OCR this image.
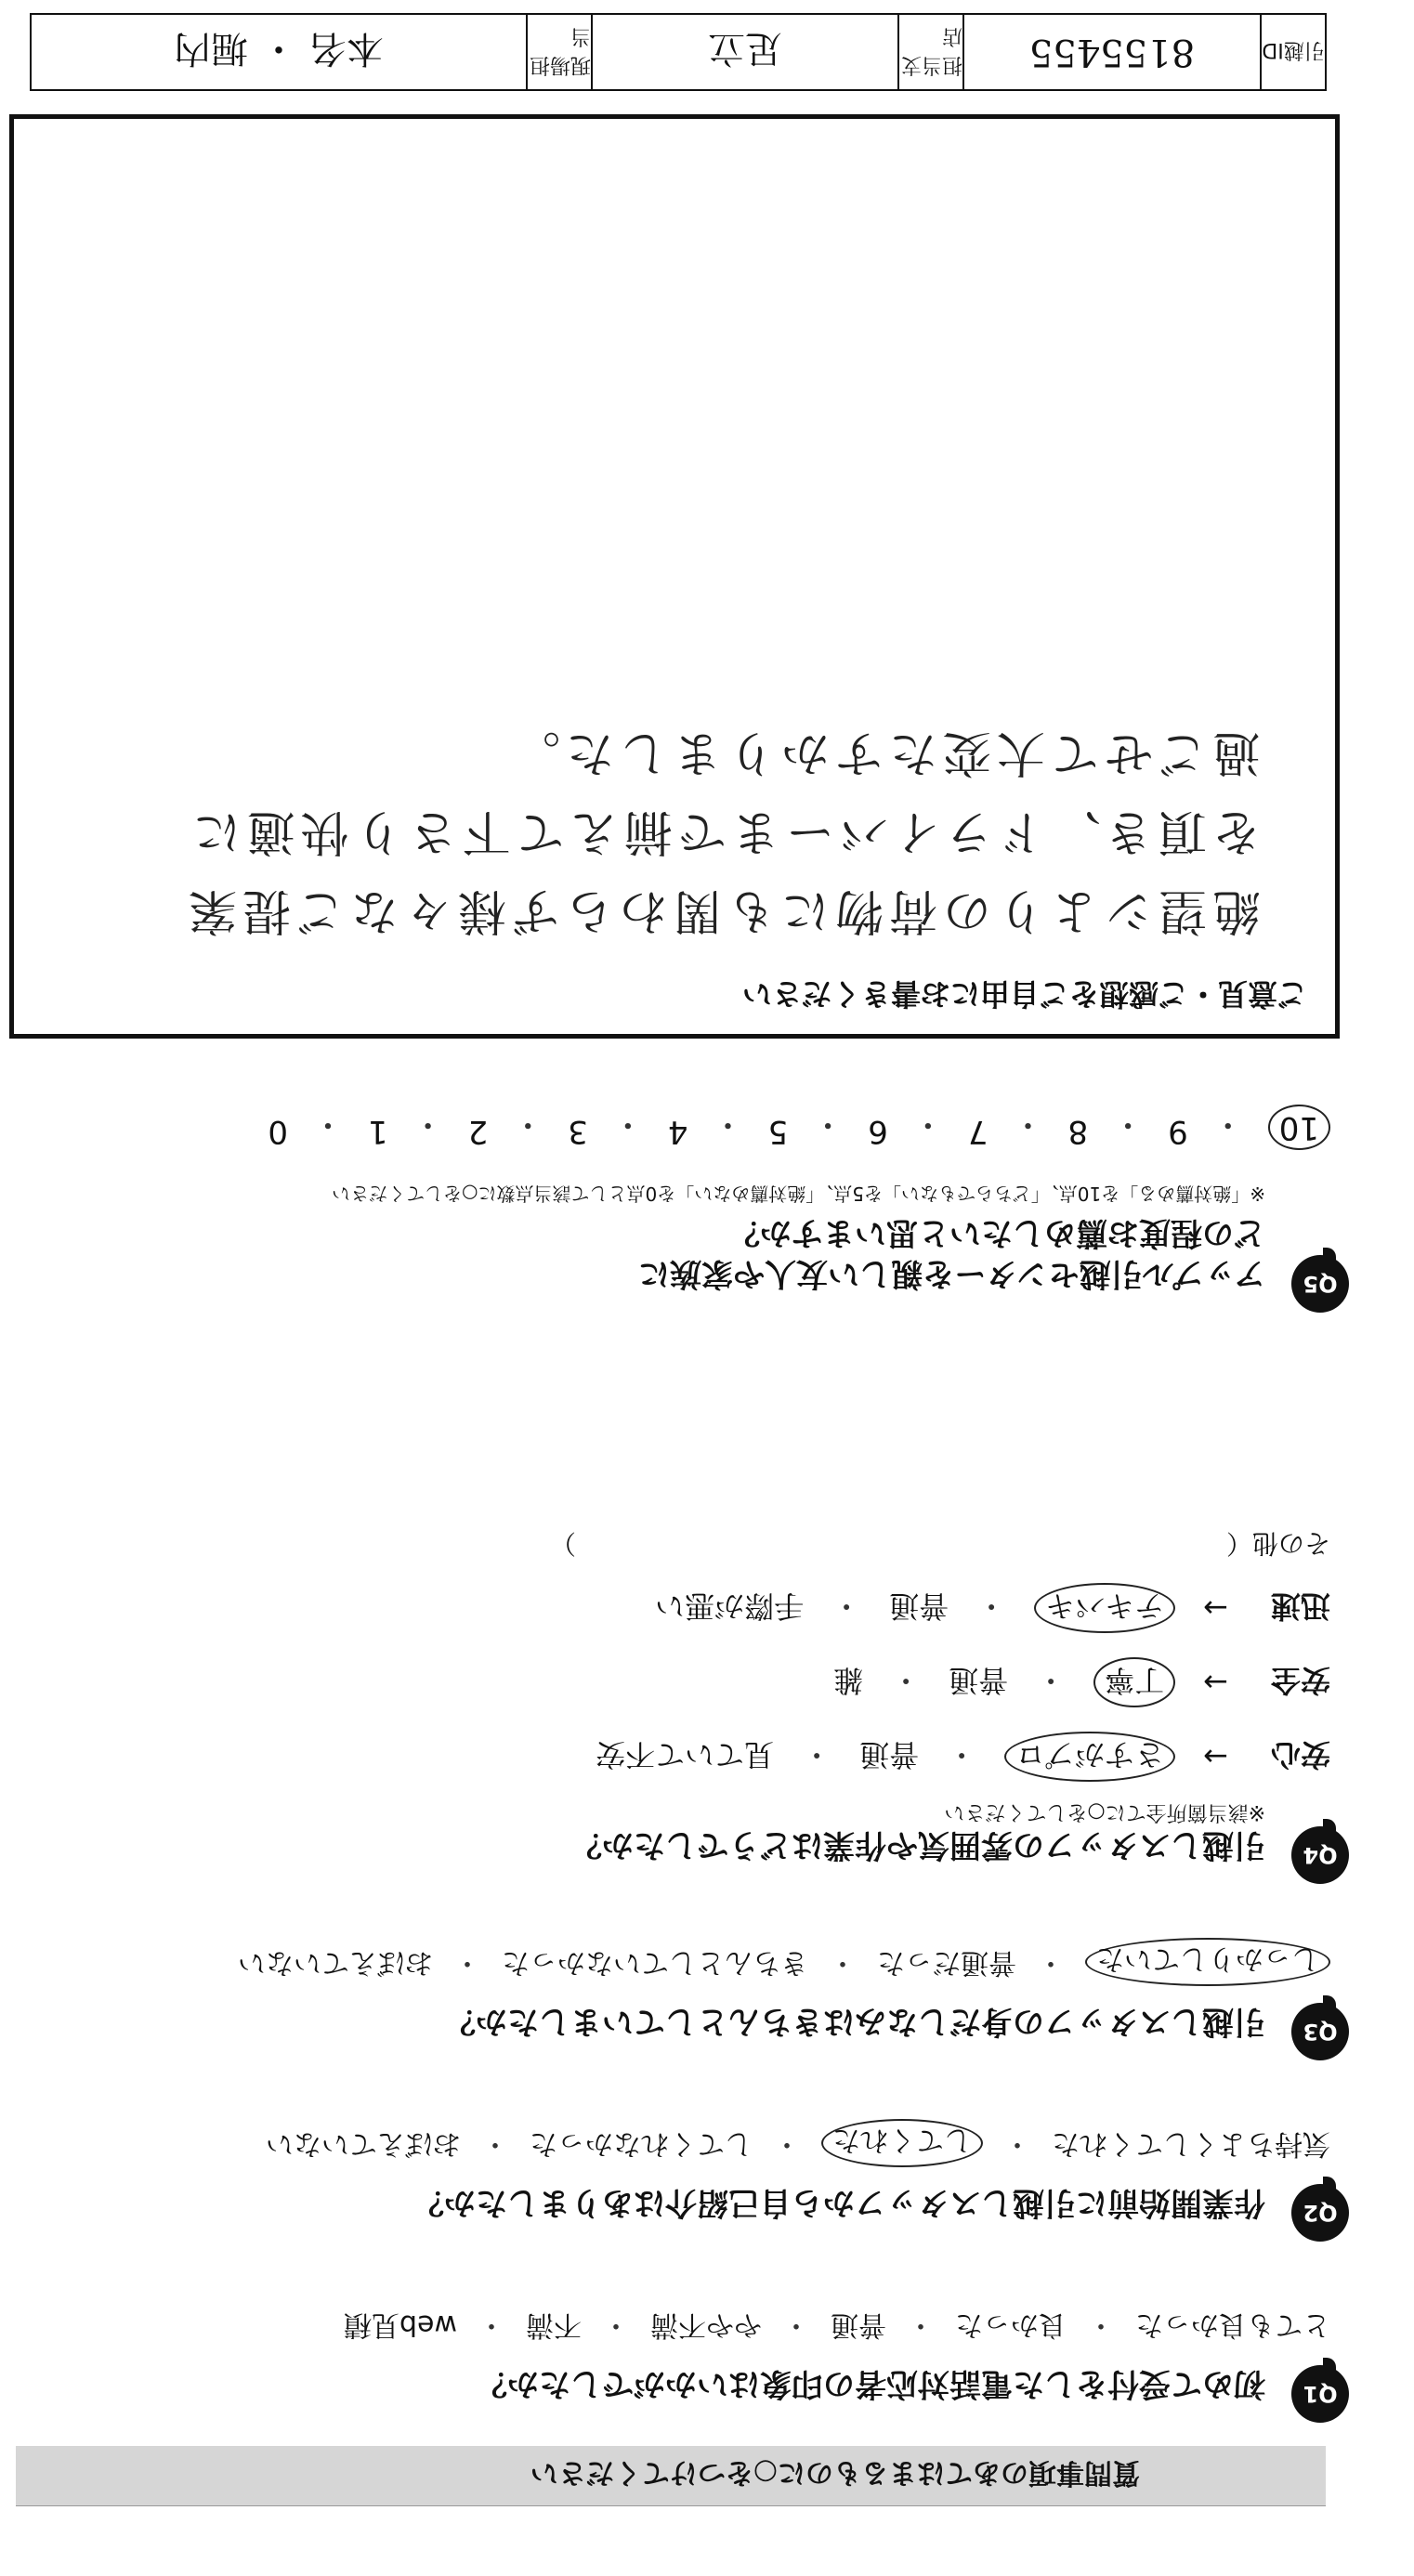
引越ID
8155455
担当支店
足立
現場担当
本名 ・ 堀内
ご意見・ご感想をご自由にお書きください
絶望シよりの荷物にも関わらず様々なご提案
を頂き、ドライバーまで揃えて下さり快適に
過ごせて大変たすかりました。
質問事項のあてはまるものに○をつけてください
Q1
初めて受付をした電話対応者の印象はいかがでしたか？
とても良かった
・
良かった
・
普通
・
やや不満
・
不満
・
web見積
Q2
作業開始前に引越しスタッフから自己紹介はありましたか？
気持ちよくしてくれた
・
してくれた
・
してくれなかった
・
おぼえていない
Q3
引越しスタッフの身だしなみはきちんとしていましたか？
しっかりしていた
・
普通だった
・
きちんとしていなかった
・
おぼえていない
Q4
引越しスタッフの雰囲気や作業はどうでしたか？
※該当箇所全てに○をしてください
安心
→
さすがプロ
・
普通
・
見ていて不安
安全
→
丁寧
・
普通
・
雑
迅速
→
テキパキ
・
普通
・
手際が悪い
その他（　　　　　　　　　　　　　　　　　　　　　　　　　）
Q5
アップル引越センターを親しい友人や家族に
どの程度お薦めしたいと思いますか？
※「絶対薦める」を10点、「どちらでもない」を5点、「絶対薦めない」を0点として該当点数に○をしてください
10
・
9
・
8
・
7
・
6
・
5
・
4
・
3
・
2
・
1
・
0
